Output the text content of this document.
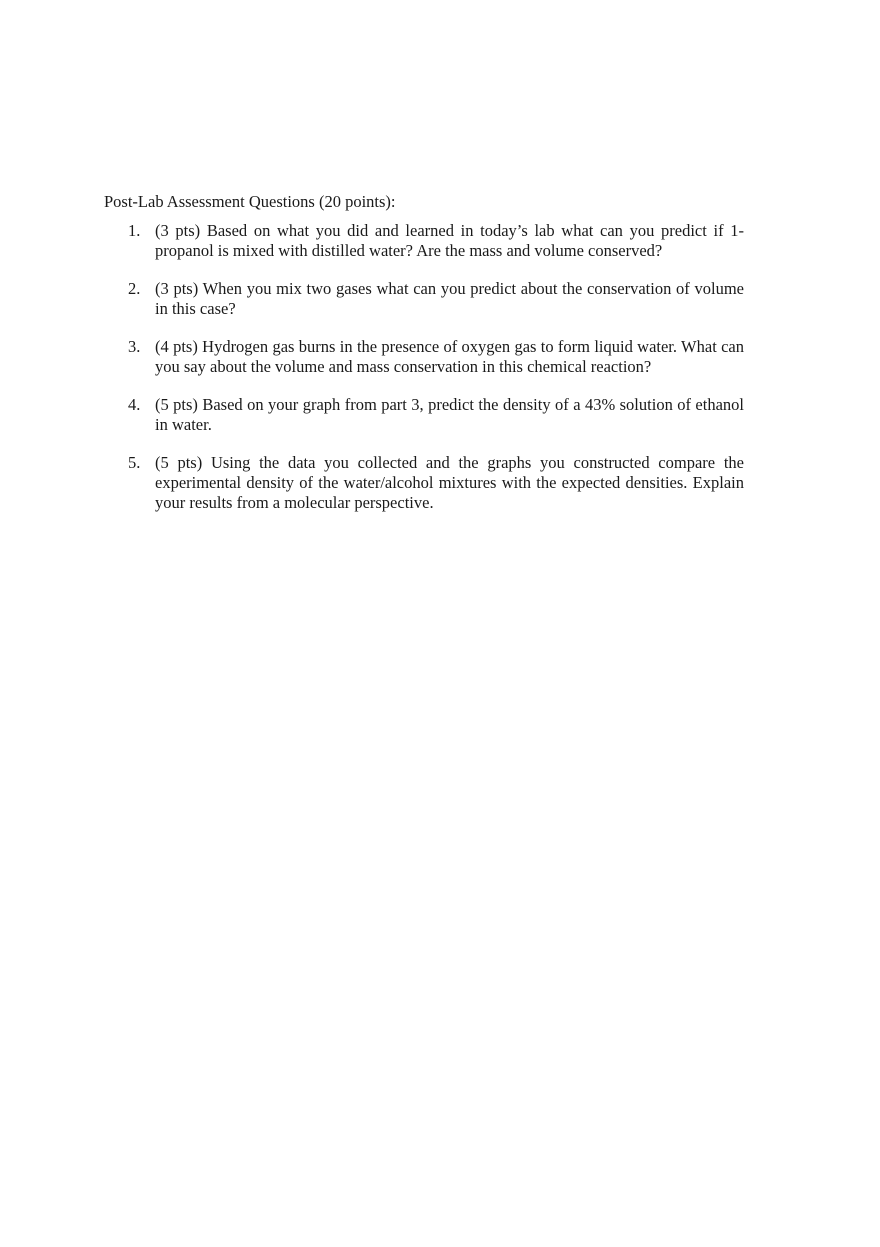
Post-Lab Assessment Questions (20 points):
1. (3 pts) Based on what you did and learned in today’s lab what can you predict if 1-propanol is mixed with distilled water? Are the mass and volume conserved?
2. (3 pts) When you mix two gases what can you predict about the conservation of volume in this case?
3. (4 pts) Hydrogen gas burns in the presence of oxygen gas to form liquid water. What can you say about the volume and mass conservation in this chemical reaction?
4. (5 pts) Based on your graph from part 3, predict the density of a 43% solution of ethanol in water.
5. (5 pts) Using the data you collected and the graphs you constructed compare the experimental density of the water/alcohol mixtures with the expected densities. Explain your results from a molecular perspective.
